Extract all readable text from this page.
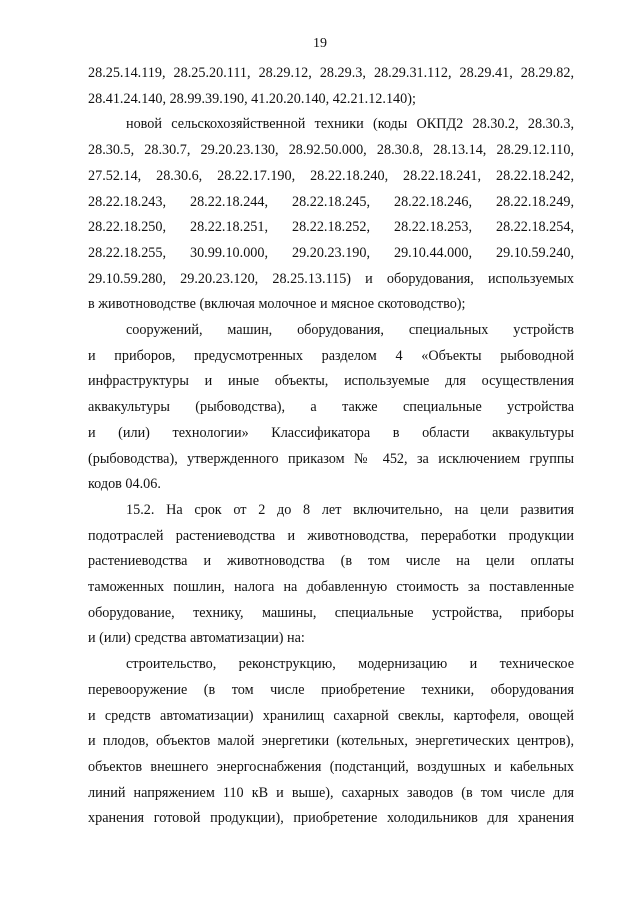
19
28.25.14.119, 28.25.20.111, 28.29.12, 28.29.3, 28.29.31.112, 28.29.41, 28.29.82,
28.41.24.140, 28.99.39.190, 41.20.20.140, 42.21.12.140);
новой сельскохозяйственной техники (коды ОКПД2 28.30.2, 28.30.3,
28.30.5, 28.30.7, 29.20.23.130, 28.92.50.000, 28.30.8, 28.13.14, 28.29.12.110,
27.52.14, 28.30.6, 28.22.17.190, 28.22.18.240, 28.22.18.241, 28.22.18.242,
28.22.18.243, 28.22.18.244, 28.22.18.245, 28.22.18.246, 28.22.18.249,
28.22.18.250, 28.22.18.251, 28.22.18.252, 28.22.18.253, 28.22.18.254,
28.22.18.255, 30.99.10.000, 29.20.23.190, 29.10.44.000, 29.10.59.240,
29.10.59.280, 29.20.23.120, 28.25.13.115) и оборудования, используемых
в животноводстве (включая молочное и мясное скотоводство);
сооружений, машин, оборудования, специальных устройств
и приборов, предусмотренных разделом 4 «Объекты рыбоводной
инфраструктуры и иные объекты, используемые для осуществления
аквакультуры (рыбоводства), а также специальные устройства
и (или) технологии» Классификатора в области аквакультуры
(рыбоводства), утвержденного приказом № 452, за исключением группы
кодов 04.06.
15.2. На срок от 2 до 8 лет включительно, на цели развития
подотраслей растениеводства и животноводства, переработки продукции
растениеводства и животноводства (в том числе на цели оплаты
таможенных пошлин, налога на добавленную стоимость за поставленные
оборудование, технику, машины, специальные устройства, приборы
и (или) средства автоматизации) на:
строительство, реконструкцию, модернизацию и техническое
перевооружение (в том числе приобретение техники, оборудования
и средств автоматизации) хранилищ сахарной свеклы, картофеля, овощей
и плодов, объектов малой энергетики (котельных, энергетических центров),
объектов внешнего энергоснабжения (подстанций, воздушных и кабельных
линий напряжением 110 кВ и выше), сахарных заводов (в том числе для
хранения готовой продукции), приобретение холодильников для хранения
